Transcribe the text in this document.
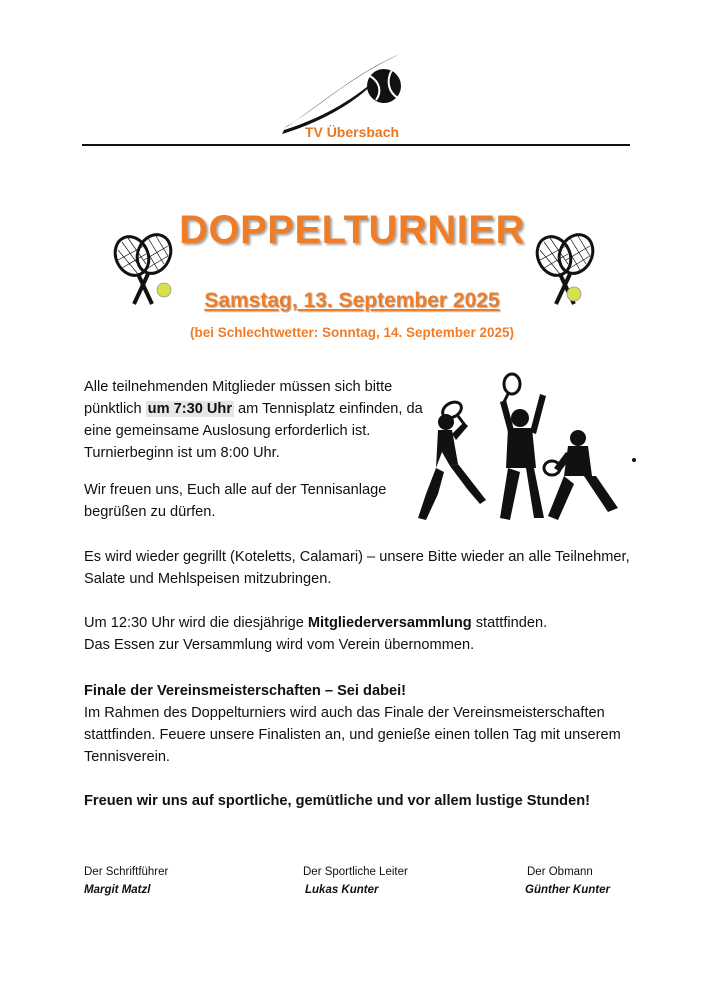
TV Übersbach
DOPPELTURNIER
Samstag, 13. September 2025
(bei Schlechtwetter: Sonntag, 14. September 2025)

Alle teilnehmenden Mitglieder müssen sich bitte pünktlich um 7:30 Uhr am Tennisplatz einfinden, da eine gemeinsame Auslosung erforderlich ist. Turnierbeginn ist um 8:00 Uhr.

Wir freuen uns, Euch alle auf der Tennisanlage begrüßen zu dürfen.
Es wird wieder gegrillt (Koteletts, Calamari) – unsere Bitte wieder an alle Teilnehmer, Salate und Mehlspeisen mitzubringen.

Um 12:30 Uhr wird die diesjährige Mitgliederversammlung stattfinden.

Das Essen zur Versammlung wird vom Verein übernommen.

Finale der Vereinsmeisterschaften – Sei dabei!

Im Rahmen des Doppelturniers wird auch das Finale der Vereinsmeisterschaften stattfinden. Feuere unsere Finalisten an, und genieße einen tollen Tag mit unserem Tennisverein.

Freuen wir uns auf sportliche, gemütliche und vor allem lustige Stunden!
Der Schriftführer
Margit Matzl
Der Sportliche Leiter
Lukas Kunter
Der Obmann
Günther Kunter
